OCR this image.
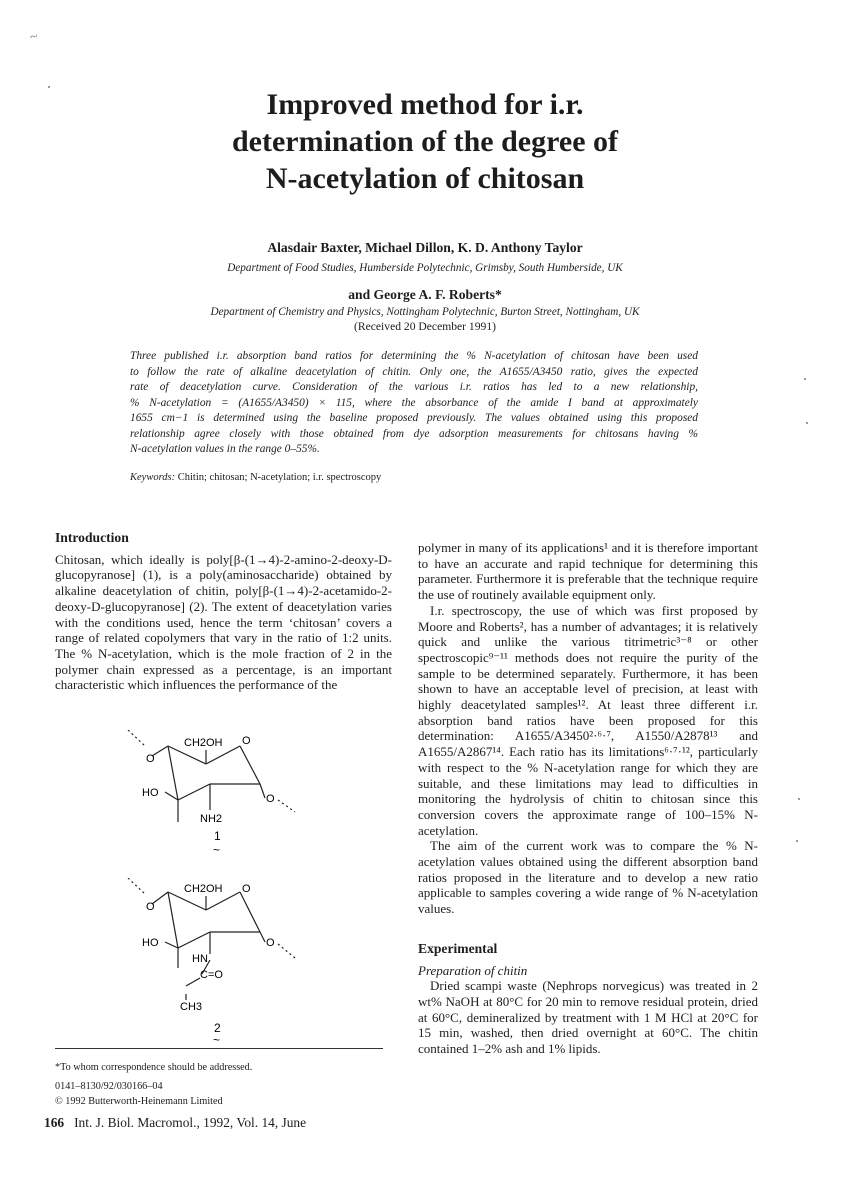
~
Improved method for i.r.
determination of the degree of
N-acetylation of chitosan
Alasdair Baxter, Michael Dillon, K. D. Anthony Taylor
Department of Food Studies, Humberside Polytechnic, Grimsby, South Humberside, UK
and George A. F. Roberts*
Department of Chemistry and Physics, Nottingham Polytechnic, Burton Street, Nottingham, UK
(Received 20 December 1991)
Three published i.r. absorption band ratios for determining the % N-acetylation of chitosan have been used
to follow the rate of alkaline deacetylation of chitin. Only one, the A1655/A3450 ratio, gives the expected
rate of deacetylation curve. Consideration of the various i.r. ratios has led to a new relationship,
% N-acetylation = (A1655/A3450) × 115, where the absorbance of the amide I band at approximately
1655 cm−1 is determined using the baseline proposed previously. The values obtained using this proposed
relationship agree closely with those obtained from dye adsorption measurements for chitosans having %
N-acetylation values in the range 0–55%.
Keywords: Chitin; chitosan; N-acetylation; i.r. spectroscopy
Introduction

Chitosan, which ideally is poly[β-(1→4)-2-amino-2-deoxy-D-glucopyranose] (1), is a poly(aminosaccharide) obtained by alkaline deacetylation of chitin, poly[β-(1→4)-2-acetamido-2-deoxy-D-glucopyranose] (2). The extent of deacetylation varies with the conditions used, hence the term ‘chitosan’ covers a range of related copolymers that vary in the ratio of 1:2 units. The % N-acetylation, which is the mole fraction of 2 in the polymer chain expressed as a percentage, is an important characteristic which influences the performance of the

CH2OH O
O
O
HO
NH2
1
~
CH2OH O
O
O
HO
HN
C=O
CH3
2
~
*To whom correspondence should be addressed.
0141–8130/92/030166–04
© 1992 Butterworth-Heinemann Limited
166 Int. J. Biol. Macromol., 1992, Vol. 14, June

polymer in many of its applications¹ and it is therefore important to have an accurate and rapid technique for determining this parameter. Furthermore it is preferable that the technique require the use of routinely available equipment only.

I.r. spectroscopy, the use of which was first proposed by Moore and Roberts², has a number of advantages; it is relatively quick and unlike the various titrimetric³⁻⁸ or other spectroscopic⁹⁻¹¹ methods does not require the purity of the sample to be determined separately. Furthermore, it has been shown to have an acceptable level of precision, at least with highly deacetylated samples¹². At least three different i.r. absorption band ratios have been proposed for this determination: A1655/A3450²·⁶·⁷, A1550/A2878¹³ and A1655/A2867¹⁴. Each ratio has its limitations⁶·⁷·¹², particularly with respect to the % N-acetylation range for which they are suitable, and these limitations may lead to difficulties in monitoring the hydrolysis of chitin to chitosan since this conversion covers the approximate range of 100–15% N-acetylation.

The aim of the current work was to compare the % N-acetylation values obtained using the different absorption band ratios proposed in the literature and to develop a new ratio applicable to samples covering a wide range of % N-acetylation values.

Experimental
Preparation of chitin

Dried scampi waste (Nephrops norvegicus) was treated in 2 wt% NaOH at 80°C for 20 min to remove residual protein, dried at 60°C, demineralized by treatment with 1 M HCl at 20°C for 15 min, washed, then dried overnight at 60°C. The chitin contained 1–2% ash and 1% lipids.
